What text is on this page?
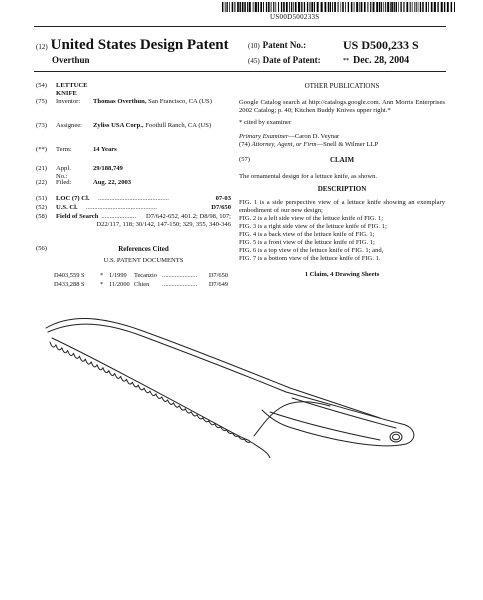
US00D500233S
(12) United States Design Patent
Overthun
(10) Patent No.:	US D500,233 S
(45) Date of Patent:	** Dec. 28, 2004
(54) LETTUCE KNIFE
(75) Inventor: Thomas Overthun, San Francisco, CA (US)
(73) Assignee: Zyliss USA Corp., Foothill Ranch, CA (US)
(**) Term:	14 Years
(21) Appl. No.:
29/188,749
(22) Filed:	Aug. 22, 2003
(51) LOC (7) Cl. ...........................................	07-03
(52) U.S. Cl. ...........................................	D7/650
(58) Field of Search ..................... D7/642-652, 401.2; D8/98, 107; D22/117, 118; 30/142, 147-150; 329, 355, 340-346
(56)	References Cited
U.S. PATENT DOCUMENTS
D403,559 S * 1/1999 Tecanzio ...................... D7/650
D433,288 S * 11/2000 Chien ...................... D7/649
OTHER PUBLICATIONS
Google Catalog search at http://catalogs.google.com. Ann Morris Enterprises 2002 Catalog; p. 40; Kitchen Buddy Knives upper right.*
* cited by examiner
Primary Examiner—Caron D. Veynar
(74) Attorney, Agent, or Firm—Snell & Wilmer LLP
(57)	CLAIM
The ornamental design for a lettuce knife, as shown.
DESCRIPTION
FIG. 1 is a side perspective view of a lettuce knife showing an exemplary embodiment of our new design;
FIG. 2 is a left side view of the lettuce knife of FIG. 1;
FIG. 3 is a right side view of the lettuce knife of FIG. 1;
FIG. 4 is a back view of the lettuce knife of FIG. 1;
FIG. 5 is a front view of the lettuce knife of FIG. 1;
FIG. 6 is a top view of the lettuce knife of FIG. 1; and,
FIG. 7 is a bottom view of the lettuce knife of FIG. 1.
1 Claim, 4 Drawing Sheets
